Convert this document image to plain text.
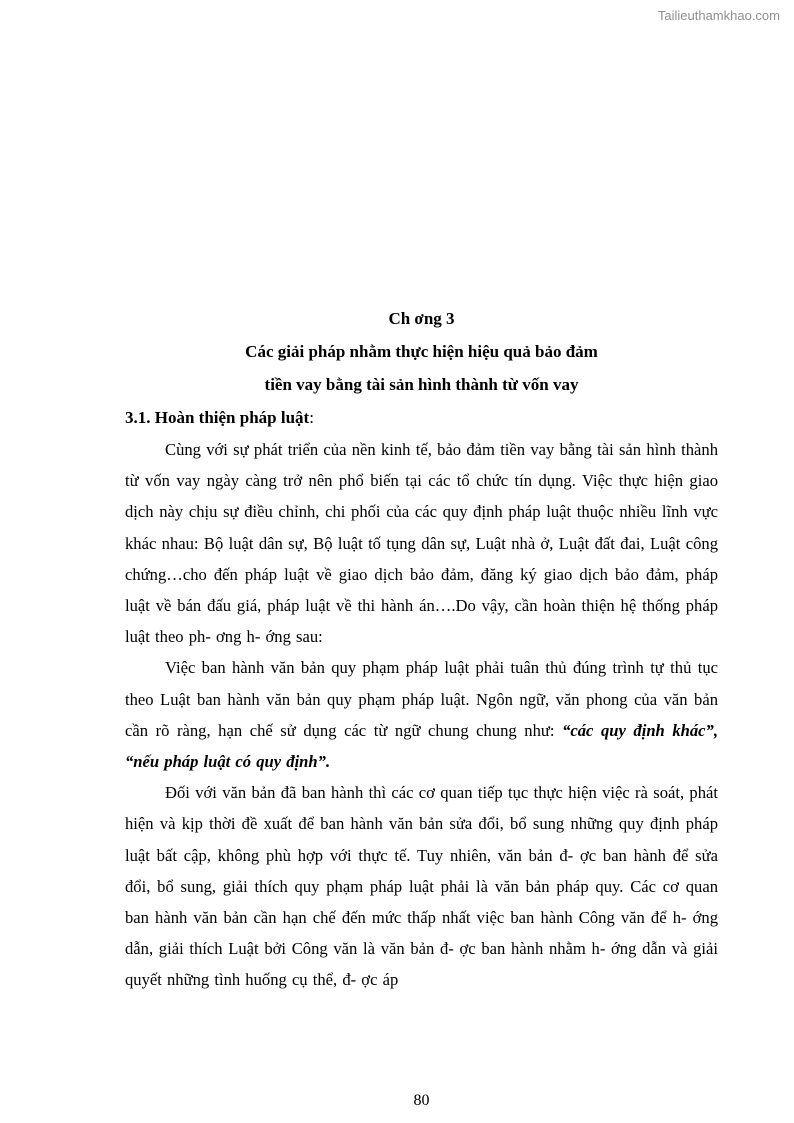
Tailieuthamkhao.com
Ch ơng 3
Các giải pháp nhằm thực hiện hiệu quả bảo đảm
tiền vay bằng tài sản hình thành từ vốn vay

3.1. Hoàn thiện pháp luật:

Cùng với sự phát triển của nền kinh tế, bảo đảm tiền vay bằng tài sản hình thành từ vốn vay ngày càng trở nên phổ biến tại các tổ chức tín dụng. Việc thực hiện giao dịch này chịu sự điều chỉnh, chi phối của các quy định pháp luật thuộc nhiều lĩnh vực khác nhau: Bộ luật dân sự, Bộ luật tố tụng dân sự, Luật nhà ở, Luật đất đai, Luật công chứng…cho đến pháp luật về giao dịch bảo đảm, đăng ký giao dịch bảo đảm, pháp luật về bán đấu giá, pháp luật về thi hành án….Do vậy, cần hoàn thiện hệ thống pháp luật theo ph- ơng h- ớng sau:

Việc ban hành văn bản quy phạm pháp luật phải tuân thủ đúng trình tự thủ tục theo Luật ban hành văn bản quy phạm pháp luật. Ngôn ngữ, văn phong của văn bản cần rõ ràng, hạn chế sử dụng các từ ngữ chung chung như: “các quy định khác”, “nếu pháp luật có quy định”.

Đối với văn bản đã ban hành thì các cơ quan tiếp tục thực hiện việc rà soát, phát hiện và kịp thời đề xuất để ban hành văn bản sửa đổi, bổ sung những quy định pháp luật bất cập, không phù hợp với thực tế. Tuy nhiên, văn bản đ- ợc ban hành để sửa đổi, bổ sung, giải thích quy phạm pháp luật phải là văn bản pháp quy. Các cơ quan ban hành văn bản cần hạn chế đến mức thấp nhất việc ban hành Công văn để h- ớng dẫn, giải thích Luật bởi Công văn là văn bản đ- ợc ban hành nhằm h- ớng dẫn và giải quyết những tình huống cụ thể, đ- ợc áp

80
